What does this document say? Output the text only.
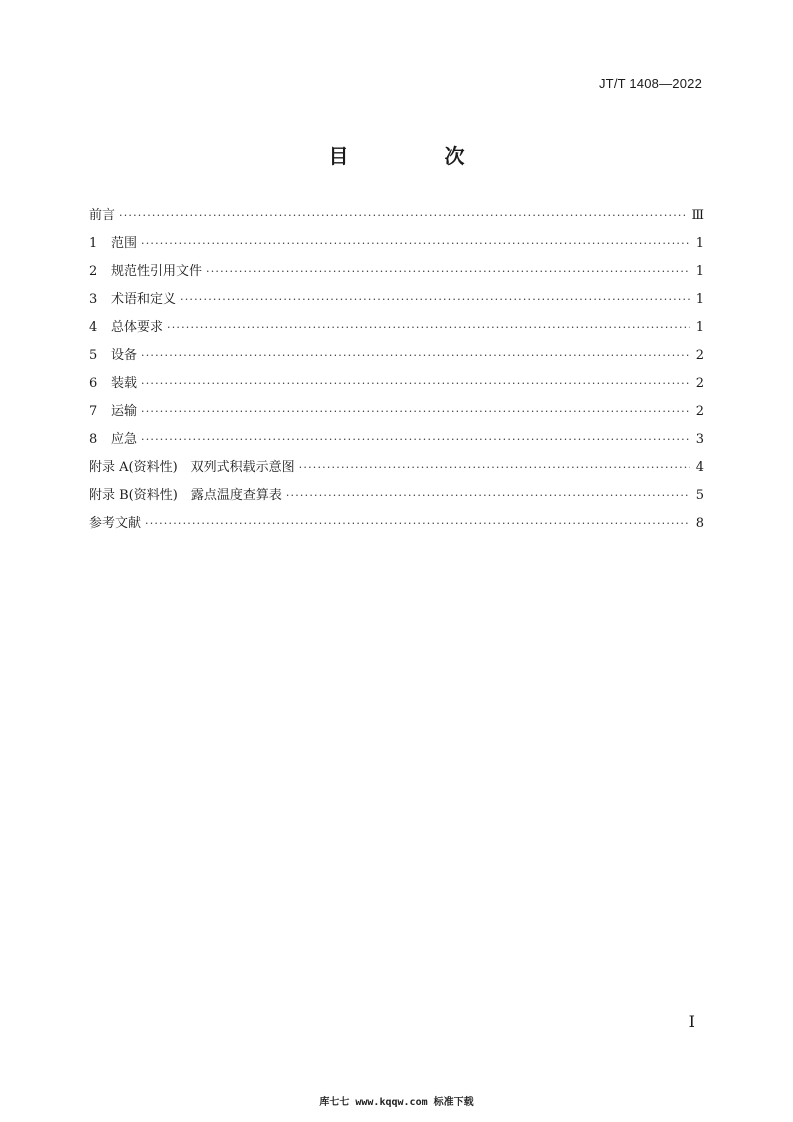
JT/T 1408—2022
目　次
前言 ·····	Ⅲ
1	范围 ·····	1
2	规范性引用文件 ·····	1
3	术语和定义 ·····	1
4	总体要求 ·····	1
5	设备 ·····	2
6	装载 ·····	2
7	运输 ·····	2
8	应急 ·····	3
附录 A(资料性)　双列式积载示意图 ·····	4
附录 B(资料性)　露点温度查算表 ·····	5
参考文献 ·····	8
Ⅰ
库七七 www.kqqw.com 标准下载
